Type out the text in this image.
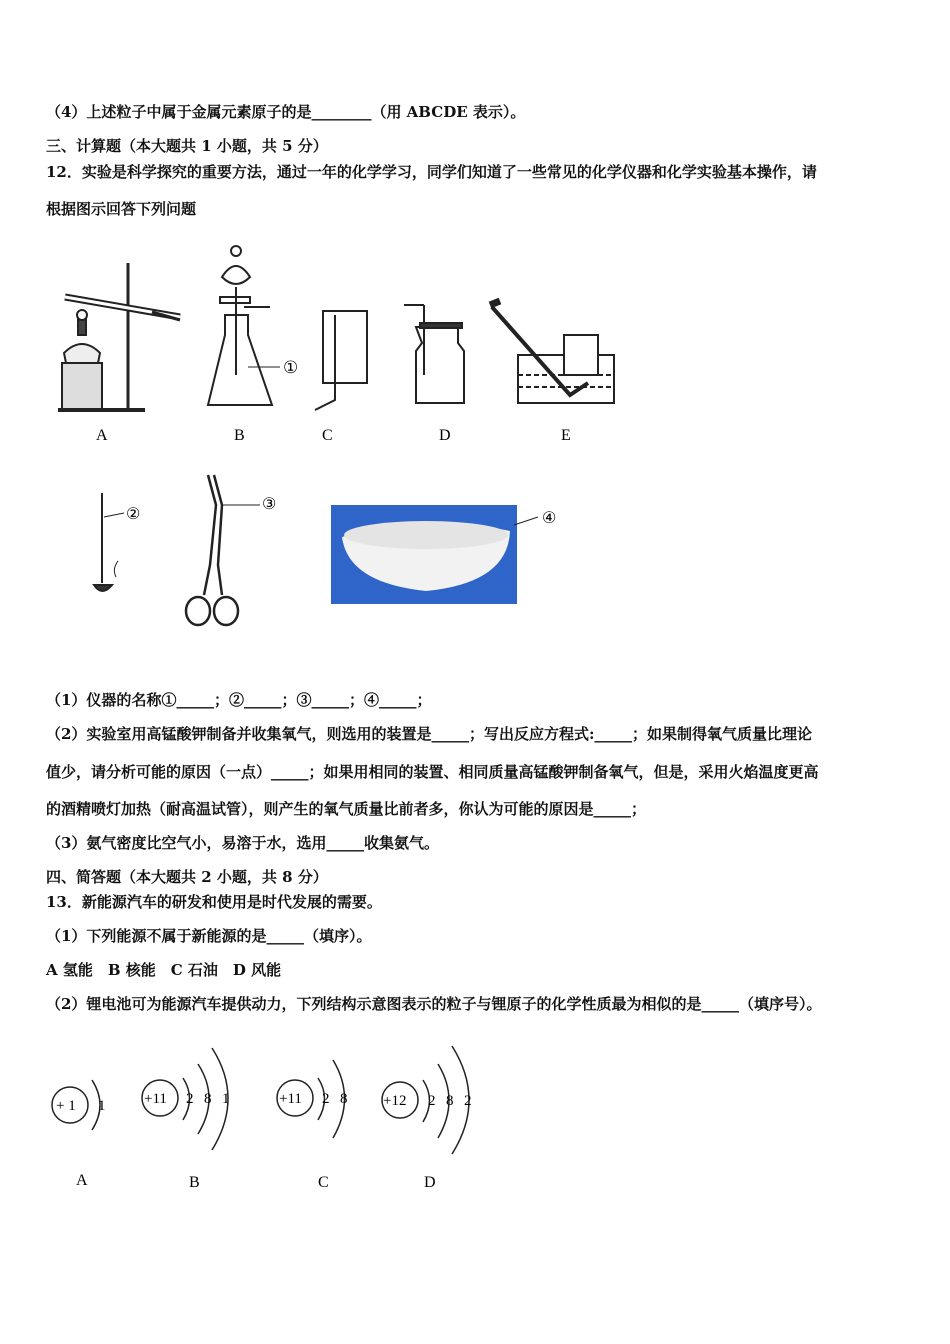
（4）上述粒子中属于金属元素原子的是________（用 ABCDE 表示）。
三、计算题（本大题共 1 小题，共 5 分）
12．实验是科学探究的重要方法，通过一年的化学学习，同学们知道了一些常见的化学仪器和化学实验基本操作，请
根据图示回答下列问题
①
A	B	C	D	E
②
③
④
（1）仪器的名称①_____；②_____；③_____；④_____；
（2）实验室用高锰酸钾制备并收集氧气，则选用的装置是_____；写出反应方程式:_____；如果制得氧气质量比理论
值少，请分析可能的原因（一点）_____；如果用相同的装置、相同质量高锰酸钾制备氧气，但是，采用火焰温度更高
的酒精喷灯加热（耐高温试管），则产生的氧气质量比前者多，你认为可能的原因是_____；
（3）氨气密度比空气小，易溶于水，选用_____收集氨气。
四、简答题（本大题共 2 小题，共 8 分）
13．新能源汽车的研发和使用是时代发展的需要。
（1）下列能源不属于新能源的是_____（填序）。
A 氢能　B 核能　C 石油　D 风能
（2）锂电池可为能源汽车提供动力，下列结构示意图表示的粒子与锂原子的化学性质最为相似的是_____（填序号）。
+ 1 1
A
+11 2 8 1
B
+11 2 8
C
+12 2 8 2
D
